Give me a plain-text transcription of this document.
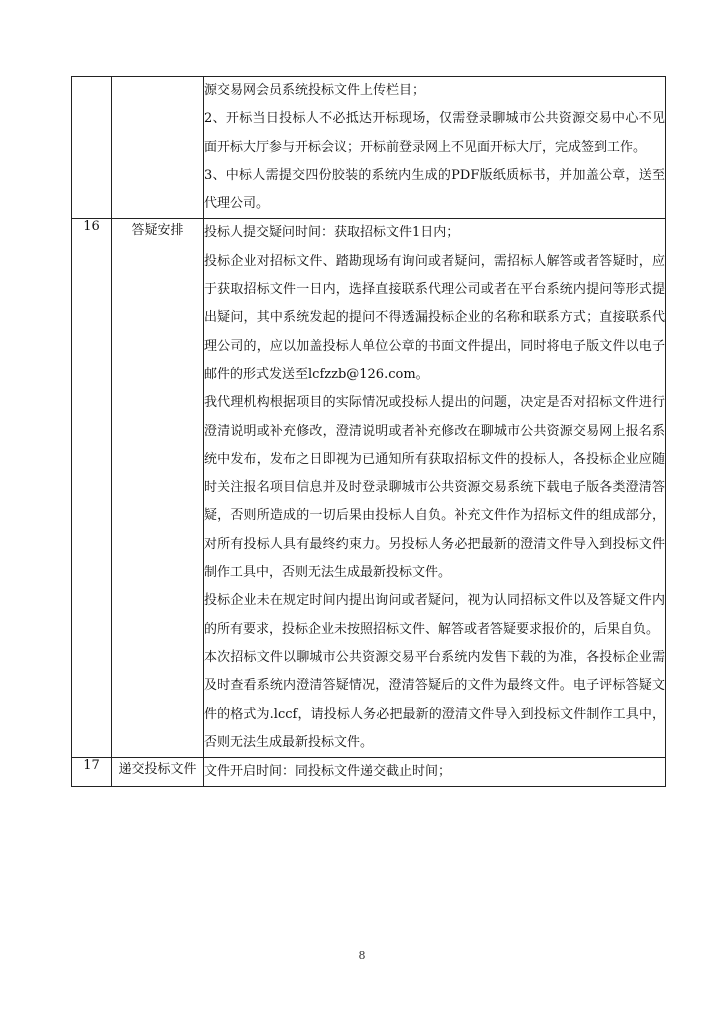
		源交易网会员系统投标文件上传栏目；
2、开标当日投标人不必抵达开标现场，仅需登录聊城市公共资源交易中心不见面开标大厅参与开标会议；开标前登录网上不见面开标大厅，完成签到工作。
3、中标人需提交四份胶装的系统内生成的PDF版纸质标书，并加盖公章，送至代理公司。

16	答疑安排	投标人提交疑问时间：获取招标文件1日内；
投标企业对招标文件、踏勘现场有询问或者疑问，需招标人解答或者答疑时，应于获取招标文件一日内，选择直接联系代理公司或者在平台系统内提问等形式提出疑问，其中系统发起的提问不得透漏投标企业的名称和联系方式；直接联系代理公司的，应以加盖投标人单位公章的书面文件提出，同时将电子版文件以电子邮件的形式发送至lcfzzb@126.com。
我代理机构根据项目的实际情况或投标人提出的问题，决定是否对招标文件进行澄清说明或补充修改，澄清说明或者补充修改在聊城市公共资源交易网上报名系统中发布，发布之日即视为已通知所有获取招标文件的投标人，各投标企业应随时关注报名项目信息并及时登录聊城市公共资源交易系统下载电子版各类澄清答疑，否则所造成的一切后果由投标人自负。补充文件作为招标文件的组成部分，对所有投标人具有最终约束力。另投标人务必把最新的澄清文件导入到投标文件制作工具中，否则无法生成最新投标文件。
投标企业未在规定时间内提出询问或者疑问，视为认同招标文件以及答疑文件内的所有要求，投标企业未按照招标文件、解答或者答疑要求报价的，后果自负。
本次招标文件以聊城市公共资源交易平台系统内发售下载的为准，各投标企业需及时查看系统内澄清答疑情况，澄清答疑后的文件为最终文件。电子评标答疑文件的格式为.lccf，请投标人务必把最新的澄清文件导入到投标文件制作工具中，否则无法生成最新投标文件。

17	递交投标文件	文件开启时间：同投标文件递交截止时间；
8
